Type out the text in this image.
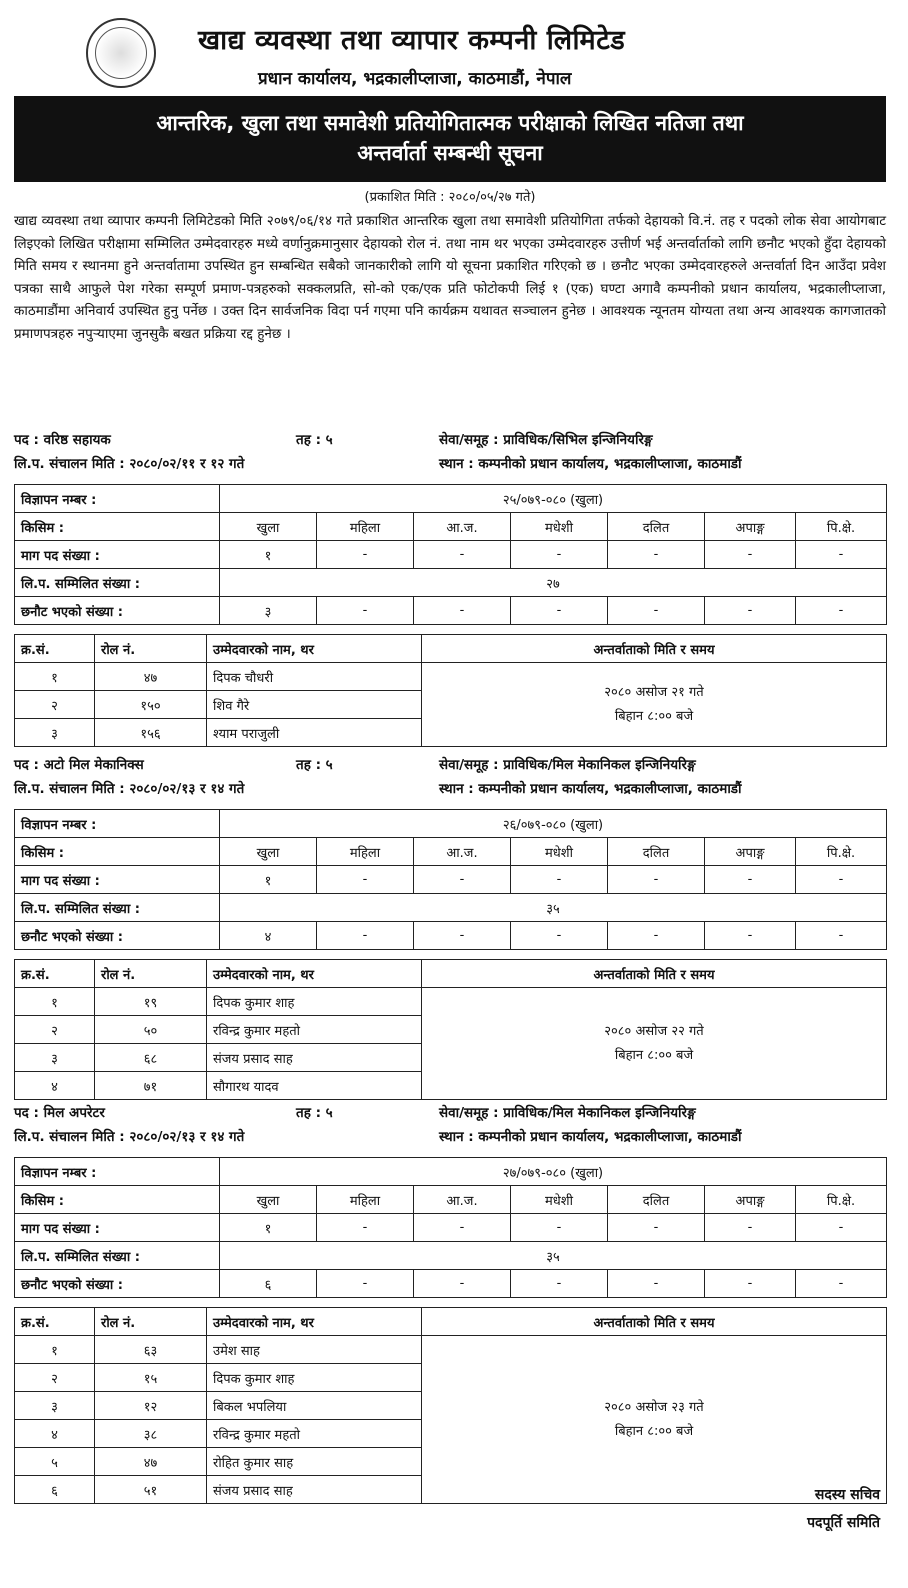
खाद्य व्यवस्था तथा व्यापार कम्पनी लिमिटेड
प्रधान कार्यालय, भद्रकालीप्लाजा, काठमाडौं, नेपाल
आन्तरिक, खुला तथा समावेशी प्रतियोगितात्मक परीक्षाको लिखित नतिजा तथा
अन्तर्वार्ता सम्बन्धी सूचना
(प्रकाशित मिति : २०८०/०५/२७ गते)
खाद्य व्यवस्था तथा व्यापार कम्पनी लिमिटेडको मिति २०७९/०६/१४ गते प्रकाशित आन्तरिक खुला तथा समावेशी प्रतियोगिता तर्फको देहायको वि.नं. तह र पदको लोक सेवा आयोगबाट लिइएको लिखित परीक्षामा सम्मिलित उम्मेदवारहरु मध्ये वर्णानुक्रमानुसार देहायको रोल नं. तथा नाम थर भएका उम्मेदवारहरु उत्तीर्ण भई अन्तर्वार्ताको लागि छनौट भएको हुँदा देहायको मिति समय र स्थानमा हुने अन्तर्वातामा उपस्थित हुन सम्बन्धित सबैको जानकारीको लागि यो सूचना प्रकाशित गरिएको छ । छनौट भएका उम्मेदवारहरुले अन्तर्वार्ता दिन आउँदा प्रवेश पत्रका साथै आफुले पेश गरेका सम्पूर्ण प्रमाण-पत्रहरुको सक्कलप्रति, सो-को एक/एक प्रति फोटोकपी लिई १ (एक) घण्टा अगावै कम्पनीको प्रधान कार्यालय, भद्रकालीप्लाजा, काठमाडौंमा अनिवार्य उपस्थित हुनु पर्नेछ । उक्त दिन सार्वजनिक विदा पर्न गएमा पनि कार्यक्रम यथावत सञ्चालन हुनेछ । आवश्यक न्यूनतम योग्यता तथा अन्य आवश्यक कागजातको प्रमाणपत्रहरु नपुऱ्याएमा जुनसुकै बखत प्रक्रिया रद्द हुनेछ ।
पद : वरिष्ठ सहायक	तह : ५	सेवा/समूह : प्राविधिक/सिभिल इन्जिनियरिङ्ग
लि.प. संचालन मिति : २०८०/०२/११ र १२ गते	स्थान : कम्पनीको प्रधान कार्यालय, भद्रकालीप्लाजा, काठमाडौं
विज्ञापन नम्बर :	२५/०७९-०८० (खुला)						
किसिम :	खुला	महिला	आ.ज.	मधेशी	दलित	अपाङ्ग	पि.क्षे.
माग पद संख्या :	१	-	-	-	-	-	-
लि.प. सम्मिलित संख्या :	२७						
छनौट भएको संख्या :	३	-	-	-	-	-	-
क्र.सं.	रोल नं.	उम्मेदवारको नाम, थर	अन्तर्वाताको मिति र समय
१	४७	दिपक चौधरी	२०८० असोज २१ गते
बिहान ८:०० बजे

२	१५०	शिव गैरे	
३	१५६	श्याम पराजुली	
पद : अटो मिल मेकानिक्स	तह : ५	सेवा/समूह : प्राविधिक/मिल मेकानिकल इन्जिनियरिङ्ग
लि.प. संचालन मिति : २०८०/०२/१३ र १४ गते	स्थान : कम्पनीको प्रधान कार्यालय, भद्रकालीप्लाजा, काठमाडौं
विज्ञापन नम्बर :	२६/०७९-०८० (खुला)						
किसिम :	खुला	महिला	आ.ज.	मधेशी	दलित	अपाङ्ग	पि.क्षे.
माग पद संख्या :	१	-	-	-	-	-	-
लि.प. सम्मिलित संख्या :	३५						
छनौट भएको संख्या :	४	-	-	-	-	-	-
क्र.सं.	रोल नं.	उम्मेदवारको नाम, थर	अन्तर्वाताको मिति र समय
१	१९	दिपक कुमार शाह	२०८० असोज २२ गते
बिहान ८:०० बजे

२	५०	रविन्द्र कुमार महतो	
३	६८	संजय प्रसाद साह	
४	७१	सौगारथ यादव	
पद : मिल अपरेटर	तह : ५	सेवा/समूह : प्राविधिक/मिल मेकानिकल इन्जिनियरिङ्ग
लि.प. संचालन मिति : २०८०/०२/१३ र १४ गते	स्थान : कम्पनीको प्रधान कार्यालय, भद्रकालीप्लाजा, काठमाडौं
विज्ञापन नम्बर :	२७/०७९-०८० (खुला)						
किसिम :	खुला	महिला	आ.ज.	मधेशी	दलित	अपाङ्ग	पि.क्षे.
माग पद संख्या :	१	-	-	-	-	-	-
लि.प. सम्मिलित संख्या :	३५						
छनौट भएको संख्या :	६	-	-	-	-	-	-
क्र.सं.	रोल नं.	उम्मेदवारको नाम, थर	अन्तर्वाताको मिति र समय
१	६३	उमेश साह	२०८० असोज २३ गते
बिहान ८:०० बजे

२	१५	दिपक कुमार शाह	
३	१२	बिकल भपलिया	
४	३८	रविन्द्र कुमार महतो	
५	४७	रोहित कुमार साह	
६	५१	संजय प्रसाद साह		सदस्य सचिव
पदपूर्ति समिति
